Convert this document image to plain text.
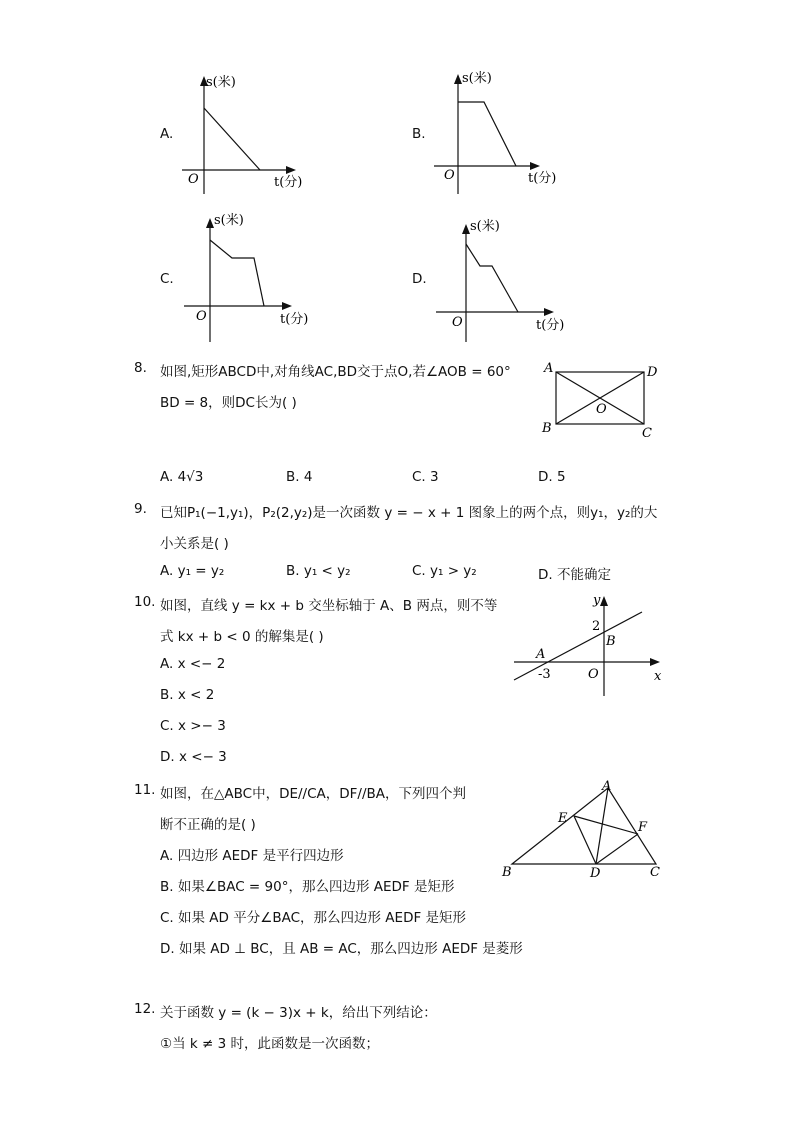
A.
s(米)
t(分)
O
B.
s(米)
t(分)
O
C.
s(米)
t(分)
O
D.
s(米)
t(分)
O
8. 如图,矩形ABCD中,对角线AC,BD交于点O,若∠AOB = 60°
BD = 8，则DC长为( )
A	D
B	C
O
A. 4√3	B. 4	C. 3	D. 5
9. 已知P₁(−1,y₁)，P₂(2,y₂)是一次函数 y = − x + 1 图象上的两个点，则y₁，y₂的大
小关系是( )
A. y₁ = y₂	B. y₁ < y₂	C. y₁ > y₂	D. 不能确定
10. 如图，直线 y = kx + b 交坐标轴于 A、B 两点，则不等
式 kx + b < 0 的解集是( )
A. x <− 2
B. x < 2
C. x >− 3
D. x <− 3
y
x
O
A
B
2
-3
11. 如图，在△ABC中，DE//CA，DF//BA，下列四个判
断不正确的是( )
A. 四边形 AEDF 是平行四边形
B. 如果∠BAC = 90°，那么四边形 AEDF 是矩形
C. 如果 AD 平分∠BAC，那么四边形 AEDF 是矩形
D. 如果 AD ⊥ BC，且 AB = AC，那么四边形 AEDF 是菱形
A
B	C
D
E
F
12. 关于函数 y = (k − 3)x + k，给出下列结论：
①当 k ≠ 3 时，此函数是一次函数；
